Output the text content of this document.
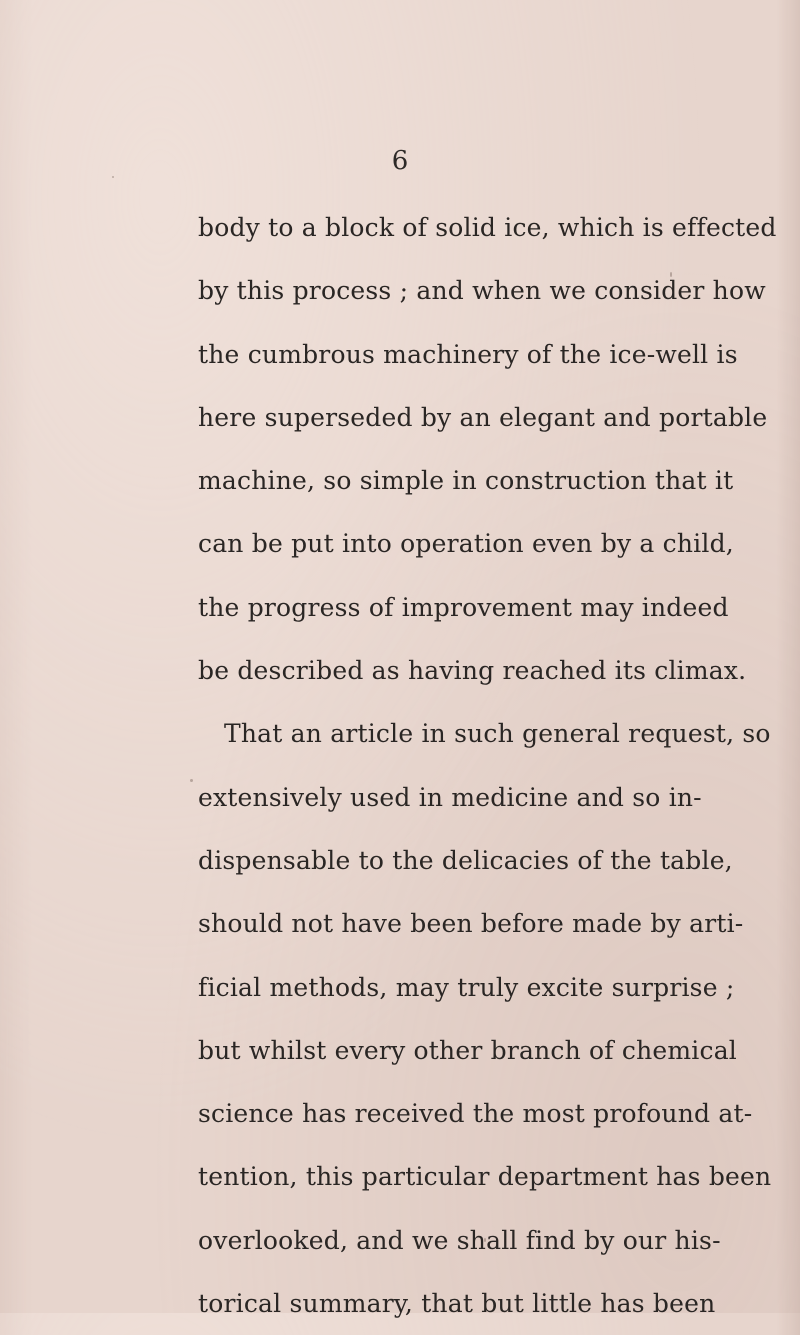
6
body to a block of solid ice, which is effected
by this process ; and when we consider how
the cumbrous machinery of the ice-well is
here superseded by an elegant and portable
machine, so simple in construction that it
can be put into operation even by a child,
the progress of improvement may indeed
be described as having reached its climax.
That an article in such general request, so
extensively used in medicine and so in-
dispensable to the delicacies of the table,
should not have been before made by arti-
ficial methods, may truly excite surprise ;
but whilst every other branch of chemical
science has received the most profound at-
tention, this particular department has been
overlooked, and we shall find by our his-
torical summary, that but little has been
